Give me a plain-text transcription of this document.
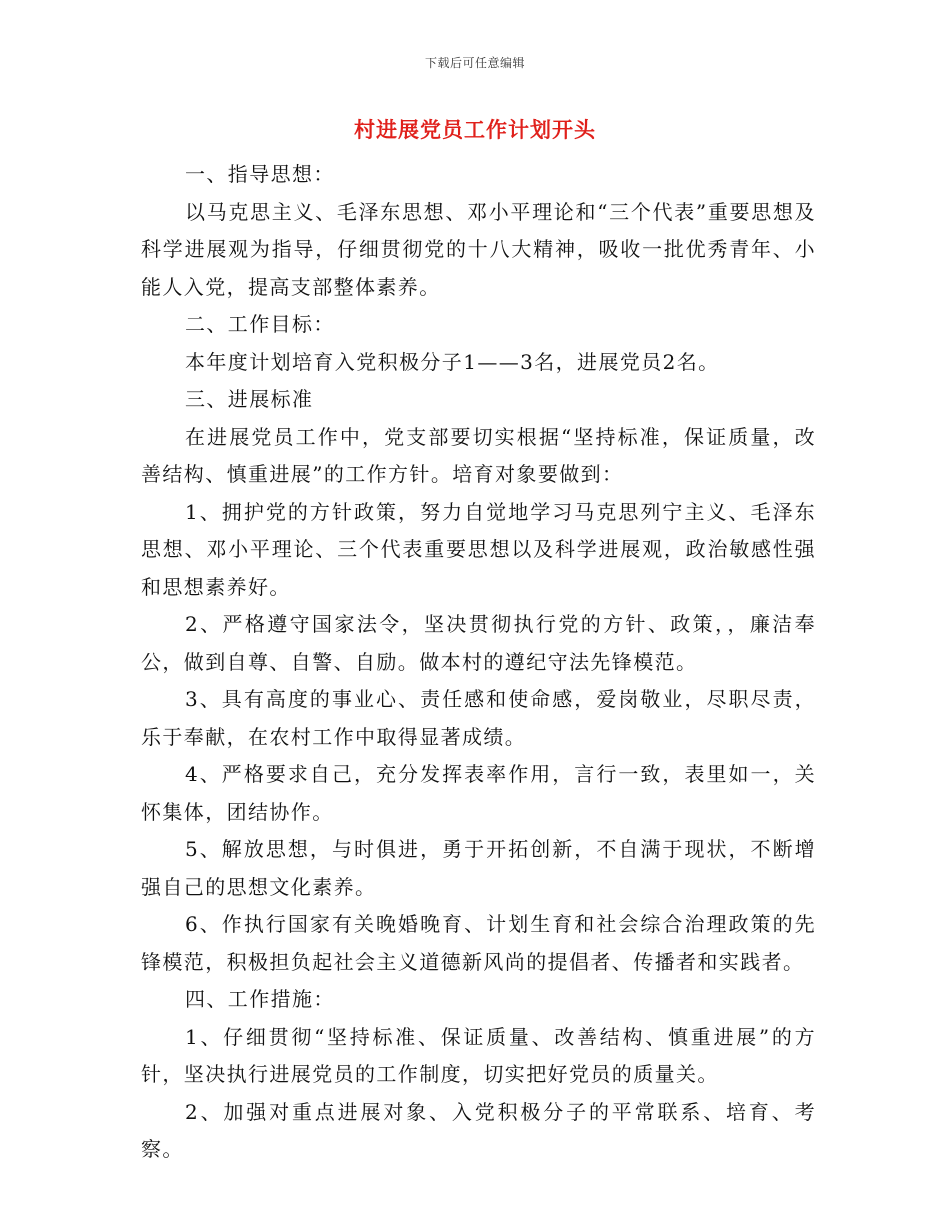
下载后可任意编辑
村进展党员工作计划开头

一、指导思想：

以马克思主义、毛泽东思想、邓小平理论和“三个代表”重要思想及科学进展观为指导，仔细贯彻党的十八大精神，吸收一批优秀青年、小能人入党，提高支部整体素养。

二、工作目标：

本年度计划培育入党积极分子1——3名，进展党员2名。

三、进展标准

在进展党员工作中，党支部要切实根据“坚持标准，保证质量，改善结构、慎重进展”的工作方针。培育对象要做到：

1、拥护党的方针政策，努力自觉地学习马克思列宁主义、毛泽东思想、邓小平理论、三个代表重要思想以及科学进展观，政治敏感性强和思想素养好。

2、严格遵守国家法令，坚决贯彻执行党的方针、政策，，廉洁奉公，做到自尊、自警、自励。做本村的遵纪守法先锋模范。

3、具有高度的事业心、责任感和使命感，爱岗敬业，尽职尽责，乐于奉献，在农村工作中取得显著成绩。

4、严格要求自己，充分发挥表率作用，言行一致，表里如一，关怀集体，团结协作。

5、解放思想，与时俱进，勇于开拓创新，不自满于现状，不断增强自己的思想文化素养。

6、作执行国家有关晚婚晚育、计划生育和社会综合治理政策的先锋模范，积极担负起社会主义道德新风尚的提倡者、传播者和实践者。

四、工作措施：

1、仔细贯彻“坚持标准、保证质量、改善结构、慎重进展”的方针，坚决执行进展党员的工作制度，切实把好党员的质量关。

2、加强对重点进展对象、入党积极分子的平常联系、培育、考察。
